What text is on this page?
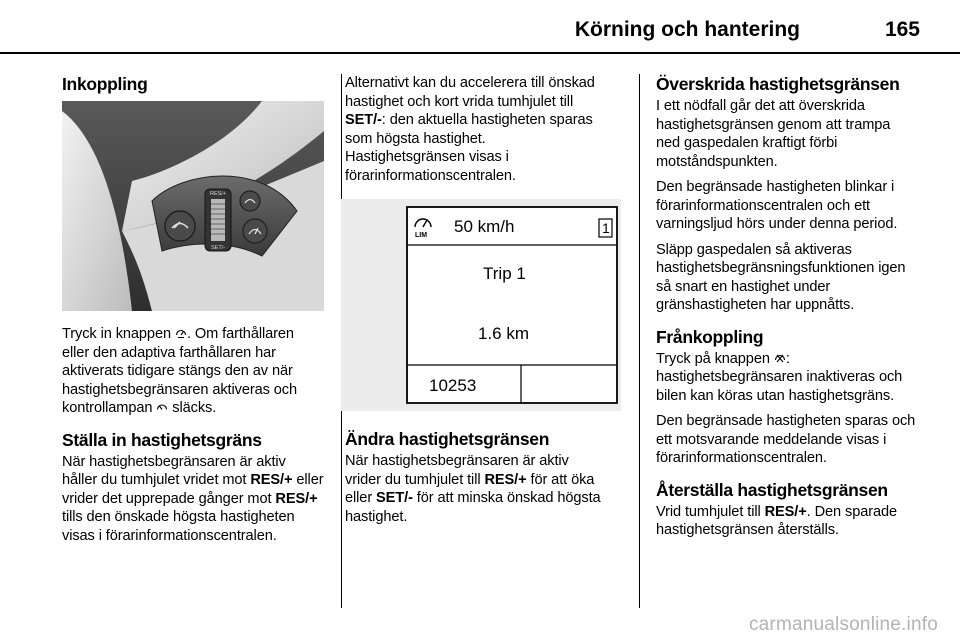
Körning och hantering	165
Inkoppling
RES/+
SET/-

Tryck in knappen . Om farthållaren eller den adaptiva farthållaren har aktiverats tidigare stängs den av när hastighetsbegränsaren aktiveras och kontrollampan  släcks.

Ställa in hastighetsgräns

När hastighetsbegränsaren är aktiv håller du tumhjulet vridet mot RES/+ eller vrider det upprepade gånger mot RES/+ tills den önskade högsta hastigheten visas i förarinformationscentralen.

Alternativt kan du accelerera till önskad hastighet och kort vrida tumhjulet till SET/-: den aktuella hastigheten sparas som högsta hastighet. Hastighetsgränsen visas i förarinformationscentralen.

LIM 50 km/h	1
Trip 1
1.6 km
10253
Ändra hastighetsgränsen

När hastighetsbegränsaren är aktiv vrider du tumhjulet till RES/+ för att öka eller SET/- för att minska önskad högsta hastighet.

Överskrida hastighetsgränsen

I ett nödfall går det att överskrida hastighetsgränsen genom att trampa ned gaspedalen kraftigt förbi motståndspunkten.

Den begränsade hastigheten blinkar i förarinformationscentralen och ett varningsljud hörs under denna period.

Släpp gaspedalen så aktiveras hastighetsbegränsningsfunktionen igen så snart en hastighet under gränshastigheten har uppnåtts.

Frånkoppling

Tryck på knappen : hastighetsbegränsaren inaktiveras och bilen kan köras utan hastighetsgräns.

Den begränsade hastigheten sparas och ett motsvarande meddelande visas i förarinformationscentralen.

Återställa hastighetsgränsen

Vrid tumhjulet till RES/+. Den sparade hastighetsgränsen återställs.

carmanualsonline.info
